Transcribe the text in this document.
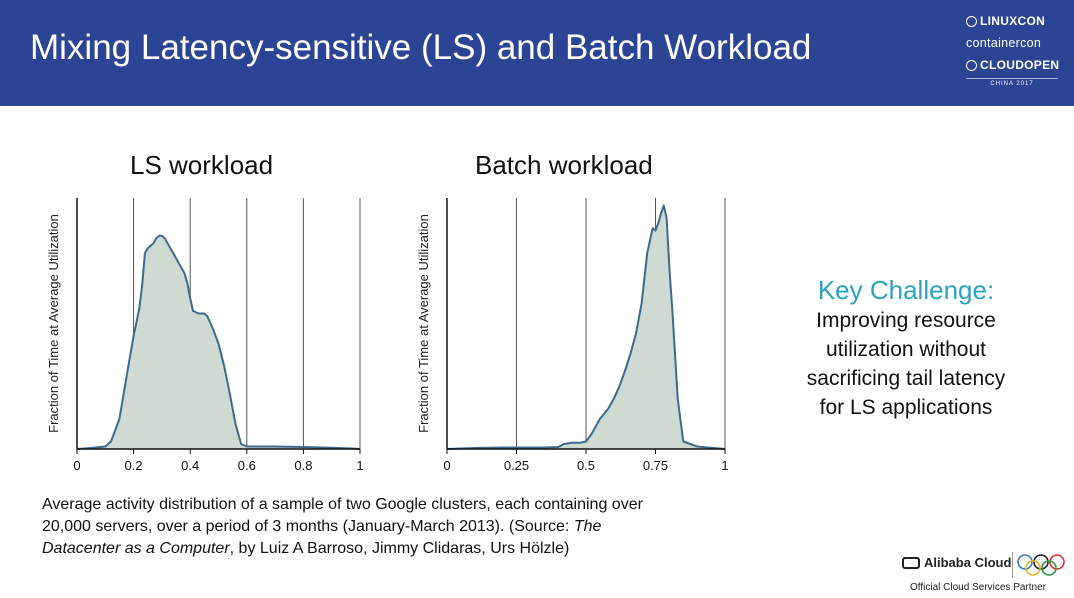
Mixing Latency-sensitive (LS) and Batch Workload
LINUXCON
containercon
CLOUDOPEN
CHINA 2017
LS workload	Batch workload
0	0.2	0.4	0.6	0.8	1
Fraction of Time at Average Utilization
0	0.25	0.5	0.75	1
Fraction of Time at Average Utilization	Key Challenge:
Improving resource
utilization without
sacrificing tail latency
for LS applications
Average activity distribution of a sample of two Google clusters, each containing over
20,000 servers, over a period of 3 months (January-March 2013). (Source: The
Datacenter as a Computer, by Luiz A Barroso, Jimmy Clidaras, Urs Hölzle)
Alibaba Cloud
Official Cloud Services Partner
